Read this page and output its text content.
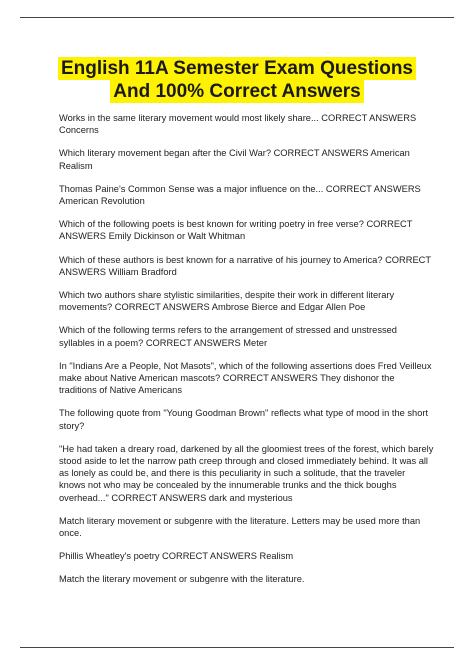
English 11A Semester Exam Questions
And 100% Correct Answers

Works in the same literary movement would most likely share... CORRECT ANSWERS Concerns

Which literary movement began after the Civil War? CORRECT ANSWERS American Realism

Thomas Paine's Common Sense was a major influence on the... CORRECT ANSWERS American Revolution

Which of the following poets is best known for writing poetry in free verse? CORRECT ANSWERS Emily Dickinson or Walt Whitman

Which of these authors is best known for a narrative of his journey to America? CORRECT ANSWERS William Bradford

Which two authors share stylistic similarities, despite their work in different literary movements? CORRECT ANSWERS Ambrose Bierce and Edgar Allen Poe

Which of the following terms refers to the arrangement of stressed and unstressed syllables in a poem? CORRECT ANSWERS Meter

In "Indians Are a People, Not Masots", which of the following assertions does Fred Veilleux make about Native American mascots? CORRECT ANSWERS They dishonor the traditions of Native Americans

The following quote from "Young Goodman Brown" reflects what type of mood in the short story?

"He had taken a dreary road, darkened by all the gloomiest trees of the forest, which barely stood aside to let the narrow path creep through and closed immediately behind. It was all as lonely as could be, and there is this peculiarity in such a solitude, that the traveler knows not who may be concealed by the innumerable trunks and the thick boughs overhead..." CORRECT ANSWERS dark and mysterious

Match literary movement or subgenre with the literature. Letters may be used more than once.

Phillis Wheatley's poetry CORRECT ANSWERS Realism

Match the literary movement or subgenre with the literature.
